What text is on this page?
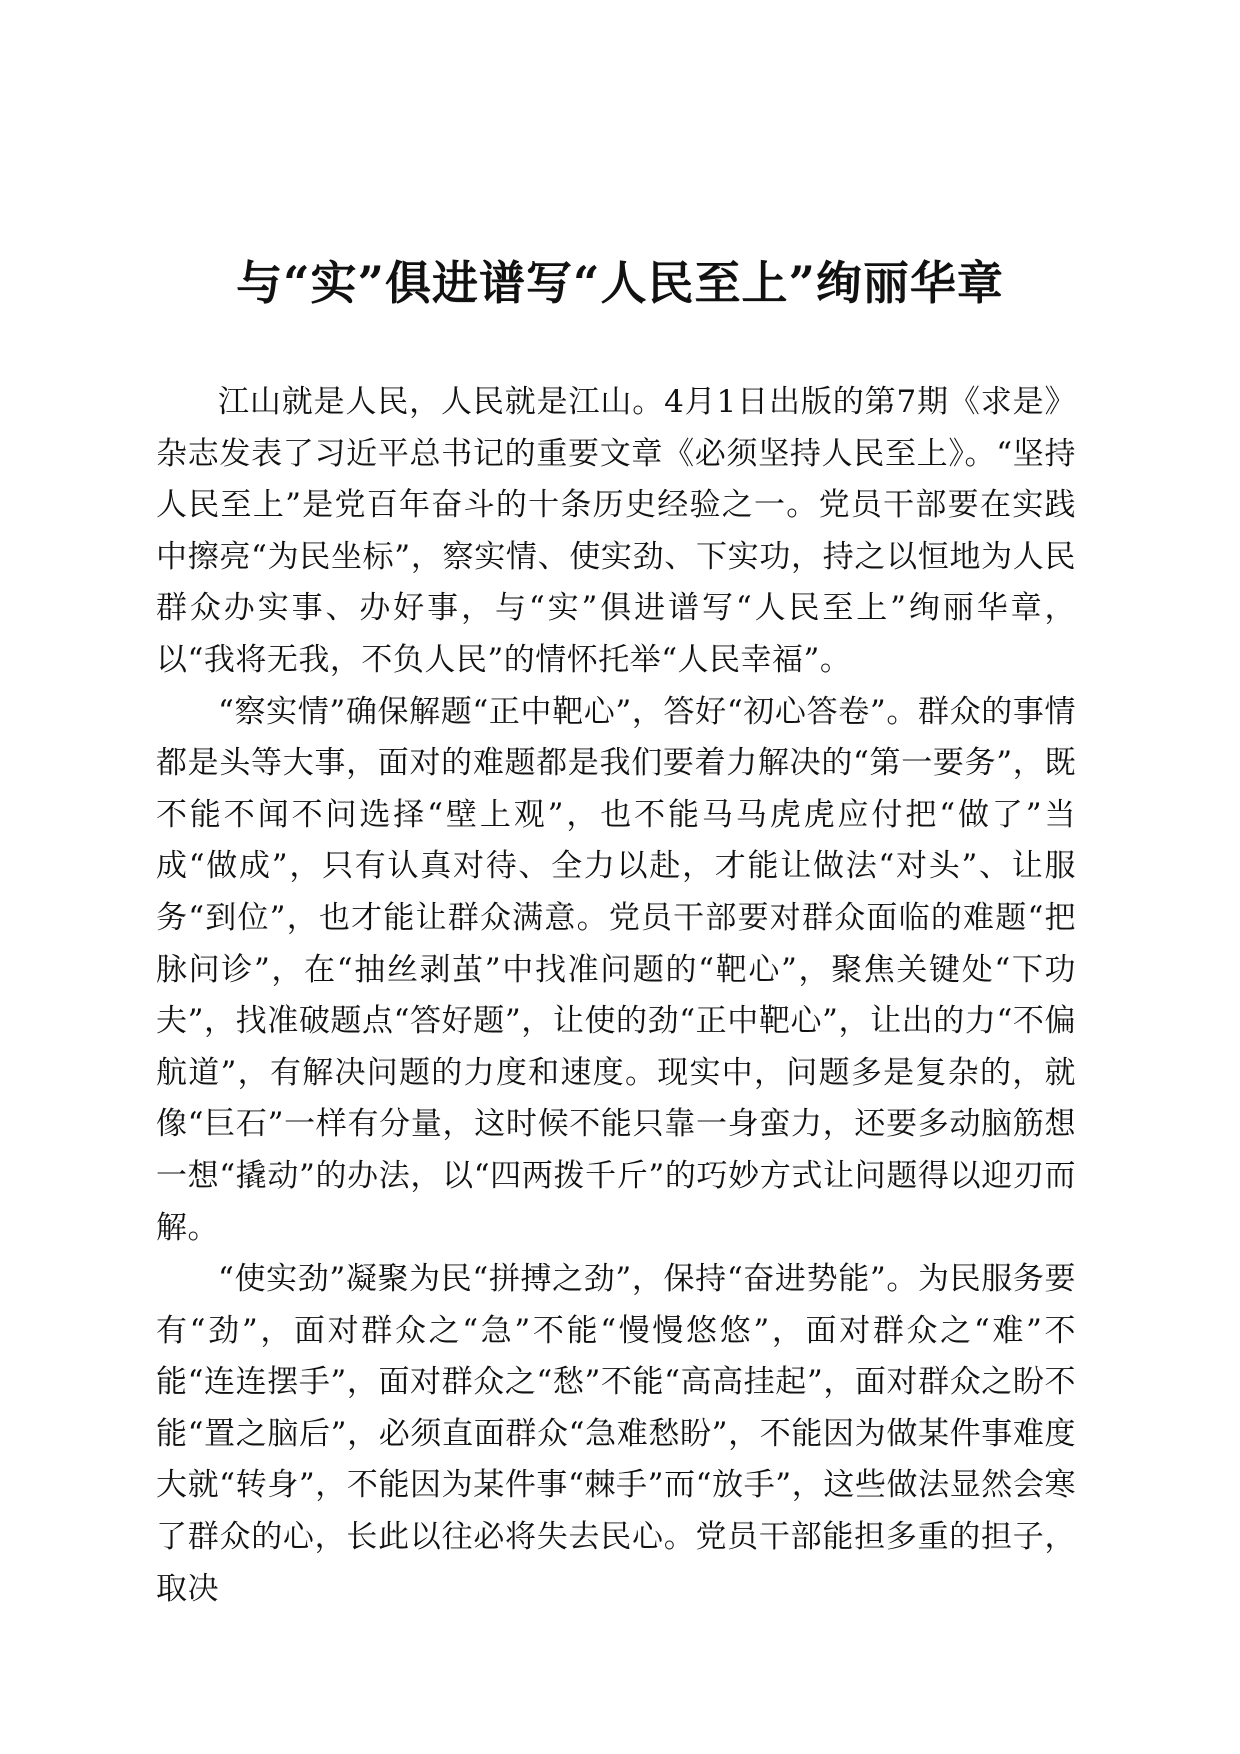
与“实”俱进谱写“人民至上”绚丽华章

江山就是人民，人民就是江山。4月1日出版的第7期《求是》杂志发表了习近平总书记的重要文章《必须坚持人民至上》。“坚持人民至上”是党百年奋斗的十条历史经验之一。党员干部要在实践中擦亮“为民坐标”，察实情、使实劲、下实功，持之以恒地为人民群众办实事、办好事，与“实”俱进谱写“人民至上”绚丽华章，以“我将无我，不负人民”的情怀托举“人民幸福”。

“察实情”确保解题“正中靶心”，答好“初心答卷”。群众的事情都是头等大事，面对的难题都是我们要着力解决的“第一要务”，既不能不闻不问选择“壁上观”，也不能马马虎虎应付把“做了”当成“做成”，只有认真对待、全力以赴，才能让做法“对头”、让服务“到位”，也才能让群众满意。党员干部要对群众面临的难题“把脉问诊”，在“抽丝剥茧”中找准问题的“靶心”，聚焦关键处“下功夫”，找准破题点“答好题”，让使的劲“正中靶心”，让出的力“不偏航道”，有解决问题的力度和速度。现实中，问题多是复杂的，就像“巨石”一样有分量，这时候不能只靠一身蛮力，还要多动脑筋想一想“撬动”的办法，以“四两拨千斤”的巧妙方式让问题得以迎刃而解。

“使实劲”凝聚为民“拼搏之劲”，保持“奋进势能”。为民服务要有“劲”，面对群众之“急”不能“慢慢悠悠”，面对群众之“难”不能“连连摆手”，面对群众之“愁”不能“高高挂起”，面对群众之盼不能“置之脑后”，必须直面群众“急难愁盼”，不能因为做某件事难度大就“转身”，不能因为某件事“棘手”而“放手”，这些做法显然会寒了群众的心，长此以往必将失去民心。党员干部能担多重的担子，取决
